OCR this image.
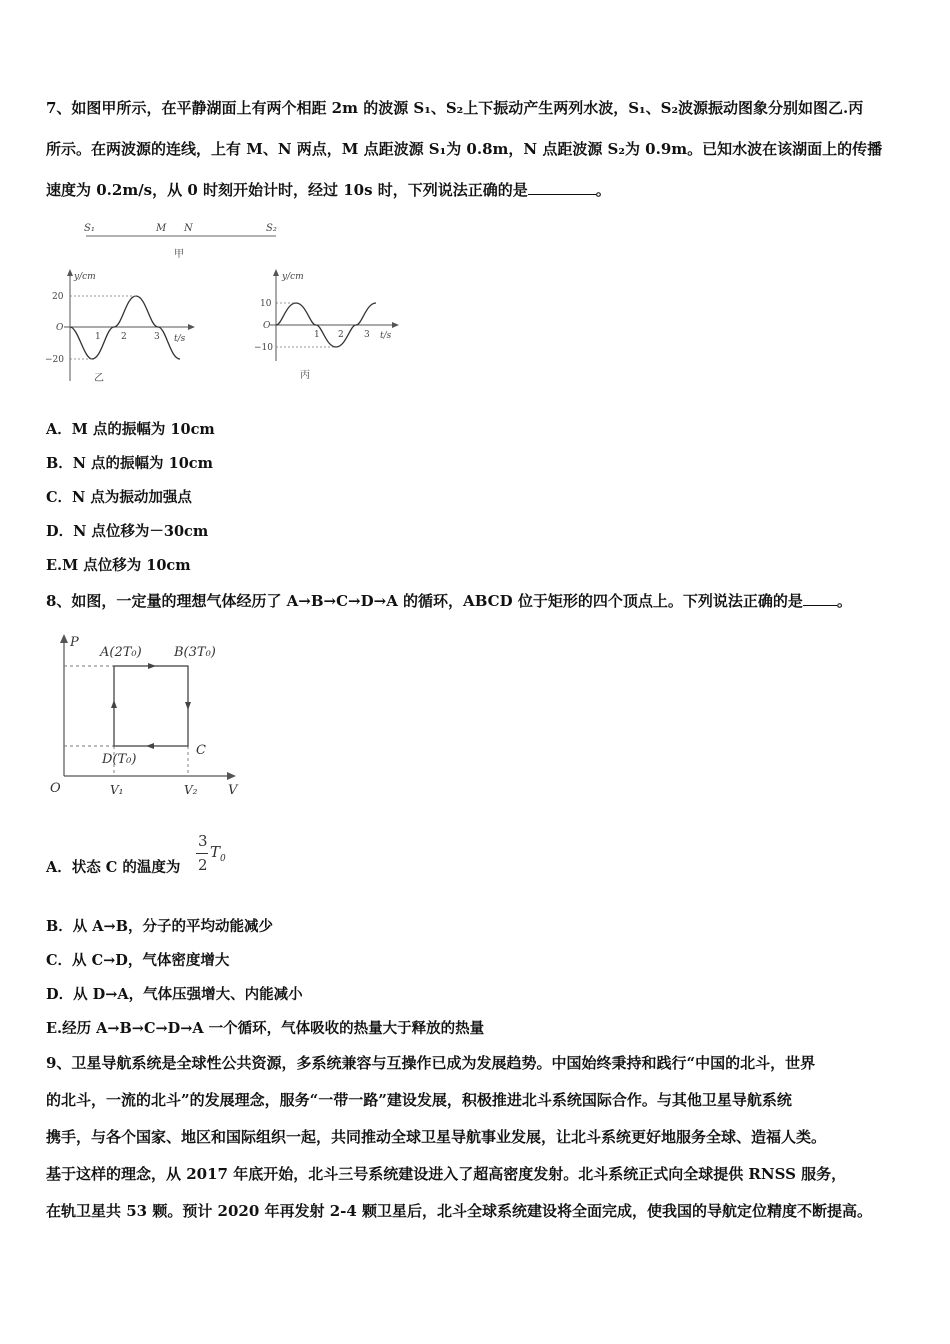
7、如图甲所示，在平静湖面上有两个相距 2m 的波源 S₁、S₂上下振动产生两列水波，S₁、S₂波源振动图象分别如图乙.丙
所示。在两波源的连线，上有 M、N 两点，M 点距波源 S₁为 0.8m，N 点距波源 S₂为 0.9m。已知水波在该湖面上的传播
速度为 0.2m/s，从 0 时刻开始计时，经过 10s 时，下列说法正确的是	。
S₁	M N	S₂
甲
y/cm
20
−20
O
1 2	3 t/s
乙
y/cm
10
−10
O
1 2 3 t/s
丙
A．M 点的振幅为 10cm
B．N 点的振幅为 10cm
C．N 点为振动加强点
D．N 点位移为－30cm
E.M 点位移为 10cm
8、如图，一定量的理想气体经历了 A→B→C→D→A 的循环，ABCD 位于矩形的四个顶点上。下列说法正确的是 。
P
A(2T₀) B(3T₀)
C
D(T₀)
O	V₁	V₂ V
A．状态 C 的温度为
3
2
$T_0$
B．从 A→B，分子的平均动能减少
C．从 C→D，气体密度增大
D．从 D→A，气体压强增大、内能减小
E.经历 A→B→C→D→A 一个循环，气体吸收的热量大于释放的热量
9、卫星导航系统是全球性公共资源，多系统兼容与互操作已成为发展趋势。中国始终秉持和践行“中国的北斗，世界
的北斗，一流的北斗”的发展理念，服务“一带一路”建设发展，积极推进北斗系统国际合作。与其他卫星导航系统
携手，与各个国家、地区和国际组织一起，共同推动全球卫星导航事业发展，让北斗系统更好地服务全球、造福人类。
基于这样的理念，从 2017 年底开始，北斗三号系统建设进入了超高密度发射。北斗系统正式向全球提供 RNSS 服务，
在轨卫星共 53 颗。预计 2020 年再发射 2-4 颗卫星后，北斗全球系统建设将全面完成，使我国的导航定位精度不断提高。
